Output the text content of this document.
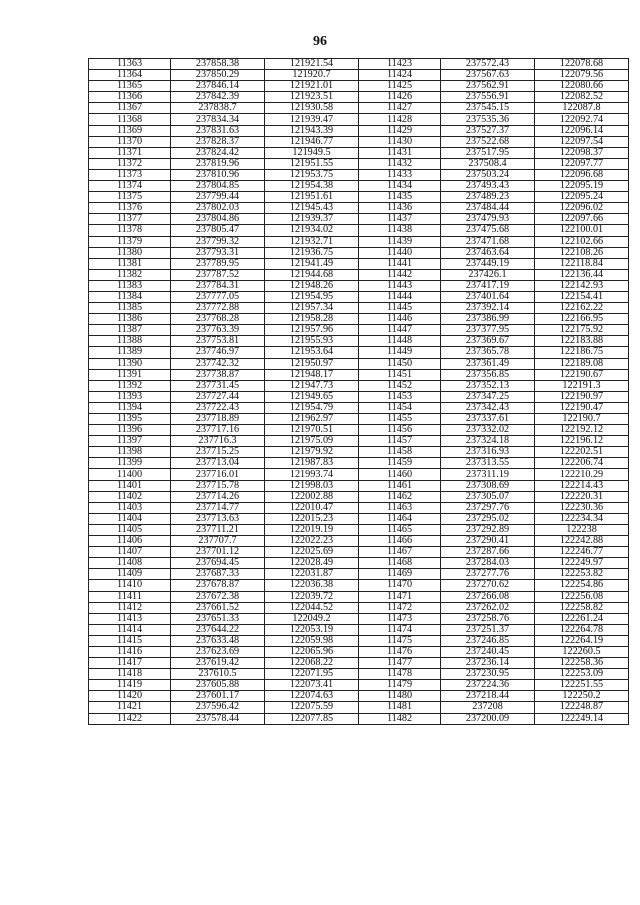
96
11363	237858.38	121921.54	11423	237572.43	122078.68
11364	237850.29	121920.7	11424	237567.63	122079.56
11365	237846.14	121921.01	11425	237562.91	122080.66
11366	237842.39	121923.51	11426	237556.91	122082.52
11367	237838.7	121930.58	11427	237545.15	122087.8
11368	237834.34	121939.47	11428	237535.36	122092.74
11369	237831.63	121943.39	11429	237527.37	122096.14
11370	237828.37	121946.77	11430	237522.68	122097.54
11371	237824.42	121949.5	11431	237517.95	122098.37
11372	237819.96	121951.55	11432	237508.4	122097.77
11373	237810.96	121953.75	11433	237503.24	122096.68
11374	237804.85	121954.38	11434	237493.43	122095.19
11375	237799.44	121951.61	11435	237489.23	122095.24
11376	237802.03	121945.43	11436	237484.44	122096.02
11377	237804.86	121939.37	11437	237479.93	122097.66
11378	237805.47	121934.02	11438	237475.68	122100.01
11379	237799.32	121932.71	11439	237471.68	122102.66
11380	237793.31	121936.75	11440	237463.64	122108.26
11381	237789.95	121941.49	11441	237449.19	122118.84
11382	237787.52	121944.68	11442	237426.1	122136.44
11383	237784.31	121948.26	11443	237417.19	122142.93
11384	237777.05	121954.95	11444	237401.64	122154.41
11385	237772.88	121957.34	11445	237392.14	122162.22
11386	237768.28	121958.28	11446	237386.99	122166.95
11387	237763.39	121957.96	11447	237377.95	122175.92
11388	237753.81	121955.93	11448	237369.67	122183.88
11389	237746.97	121953.64	11449	237365.78	122186.75
11390	237742.32	121950.97	11450	237361.49	122189.08
11391	237738.87	121948.17	11451	237356.85	122190.67
11392	237731.45	121947.73	11452	237352.13	122191.3
11393	237727.44	121949.65	11453	237347.25	122190.97
11394	237722.43	121954.79	11454	237342.43	122190.47
11395	237718.89	121962.97	11455	237337.61	122190.7
11396	237717.16	121970.51	11456	237332.02	122192.12
11397	237716.3	121975.09	11457	237324.18	122196.12
11398	237715.25	121979.92	11458	237316.93	122202.51
11399	237713.04	121987.83	11459	237313.55	122206.74
11400	237716.01	121993.74	11460	237311.19	122210.29
11401	237715.78	121998.03	11461	237308.69	122214.43
11402	237714.26	122002.88	11462	237305.07	122220.31
11403	237714.77	122010.47	11463	237297.76	122230.36
11404	237713.63	122015.23	11464	237295.02	122234.34
11405	237711.21	122019.19	11465	237292.89	122238
11406	237707.7	122022.23	11466	237290.41	122242.88
11407	237701.12	122025.69	11467	237287.66	122246.77
11408	237694.45	122028.49	11468	237284.03	122249.97
11409	237687.33	122031.87	11469	237277.76	122253.82
11410	237678.87	122036.38	11470	237270.62	122254.86
11411	237672.38	122039.72	11471	237266.08	122256.08
11412	237661.52	122044.52	11472	237262.02	122258.82
11413	237651.33	122049.2	11473	237258.76	122261.24
11414	237644.22	122053.19	11474	237251.37	122264.78
11415	237633.48	122059.98	11475	237246.85	122264.19
11416	237623.69	122065.96	11476	237240.45	122260.5
11417	237619.42	122068.22	11477	237236.14	122258.36
11418	237610.5	122071.95	11478	237230.95	122253.09
11419	237605.88	122073.41	11479	237224.36	122251.55
11420	237601.17	122074.63	11480	237218.44	122250.2
11421	237596.42	122075.59	11481	237208	122248.87
11422	237578.44	122077.85	11482	237200.09	122249.14
